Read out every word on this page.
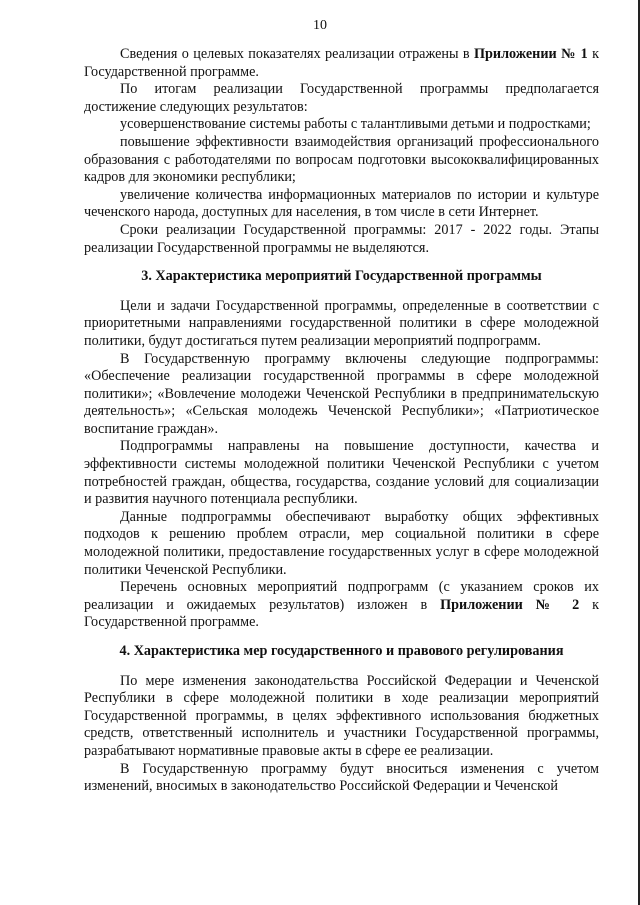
10

Сведения о целевых показателях реализации отражены в Приложении № 1 к Государственной программе.

По итогам реализации Государственной программы предполагается достижение следующих результатов:

усовершенствование системы работы с талантливыми детьми и подростками;

повышение эффективности взаимодействия организаций профессионального образования с работодателями по вопросам подготовки высококвалифицированных кадров для экономики республики;

увеличение количества информационных материалов по истории и культуре чеченского народа, доступных для населения, в том числе в сети Интернет.

Сроки реализации Государственной программы: 2017 - 2022 годы. Этапы реализации Государственной программы не выделяются.

3. Характеристика мероприятий Государственной программы

Цели и задачи Государственной программы, определенные в соответствии с приоритетными направлениями государственной политики в сфере молодежной политики, будут достигаться путем реализации мероприятий подпрограмм.

В Государственную программу включены следующие подпрограммы: «Обеспечение реализации государственной программы в сфере молодежной политики»; «Вовлечение молодежи Чеченской Республики в предпринимательскую деятельность»; «Сельская молодежь Чеченской Республики»; «Патриотическое воспитание граждан».

Подпрограммы направлены на повышение доступности, качества и эффективности системы молодежной политики Чеченской Республики с учетом потребностей граждан, общества, государства, создание условий для социализации и развития научного потенциала республики.

Данные подпрограммы обеспечивают выработку общих эффективных подходов к решению проблем отрасли, мер социальной политики в сфере молодежной политики, предоставление государственных услуг в сфере молодежной политики Чеченской Республики.

Перечень основных мероприятий подпрограмм (с указанием сроков их реализации и ожидаемых результатов) изложен в Приложении № 2 к Государственной программе.

4. Характеристика мер государственного и правового регулирования

По мере изменения законодательства Российской Федерации и Чеченской Республики в сфере молодежной политики в ходе реализации мероприятий Государственной программы, в целях эффективного использования бюджетных средств, ответственный исполнитель и участники Государственной программы, разрабатывают нормативные правовые акты в сфере ее реализации.

В Государственную программу будут вноситься изменения с учетом изменений, вносимых в законодательство Российской Федерации и Чеченской
